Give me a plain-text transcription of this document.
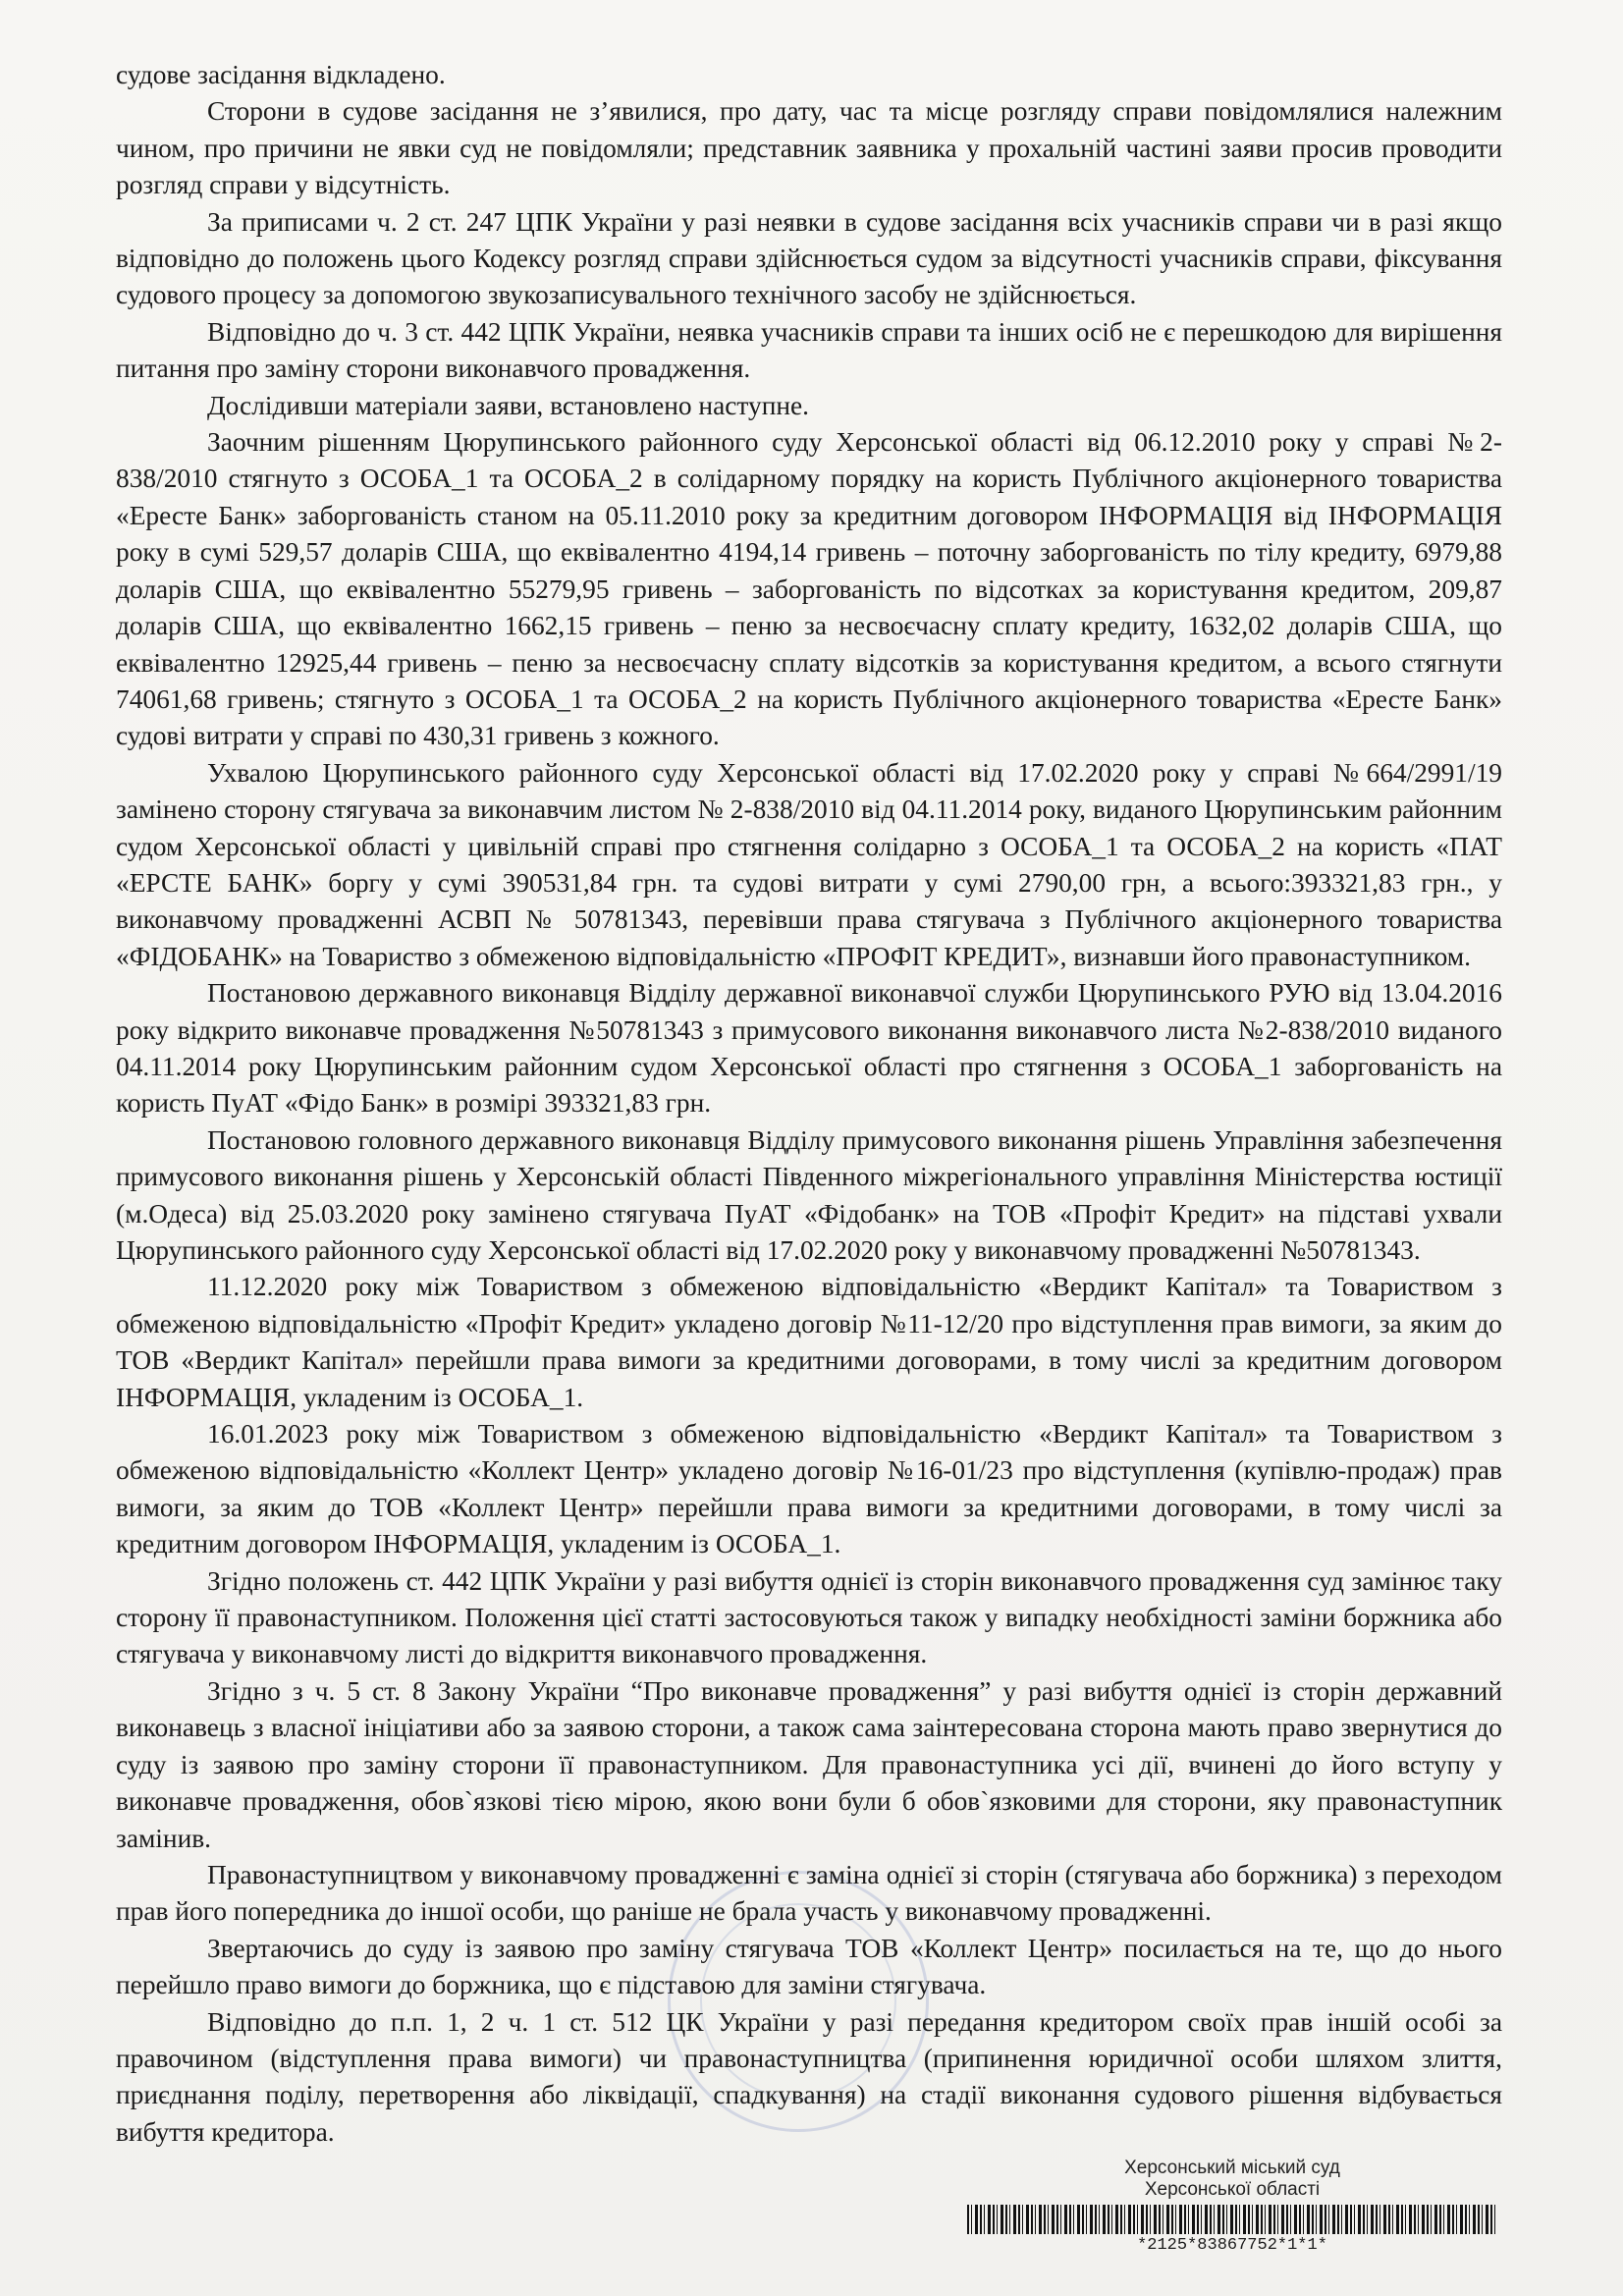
судове засідання відкладено.

Сторони в судове засідання не з’явилися, про дату, час та місце розгляду справи повідомлялися належним чином, про причини не явки суд не повідомляли; представник заявника у прохальній частині заяви просив проводити розгляд справи у відсутність.

За приписами ч. 2 ст. 247 ЦПК України у разі неявки в судове засідання всіх учасників справи чи в разі якщо відповідно до положень цього Кодексу розгляд справи здійснюється судом за відсутності учасників справи, фіксування судового процесу за допомогою звукозаписувального технічного засобу не здійснюється.

Відповідно до ч. 3 ст. 442 ЦПК України, неявка учасників справи та інших осіб не є перешкодою для вирішення питання про заміну сторони виконавчого провадження.

Дослідивши матеріали заяви, встановлено наступне.

Заочним рішенням Цюрупинського районного суду Херсонської області від 06.12.2010 року у справі №2-838/2010 стягнуто з ОСОБА_1 та ОСОБА_2 в солідарному порядку на користь Публічного акціонерного товариства «Ересте Банк» заборгованість станом на 05.11.2010 року за кредитним договором ІНФОРМАЦІЯ від ІНФОРМАЦІЯ року в сумі 529,57 доларів США, що еквівалентно 4194,14 гривень – поточну заборгованість по тілу кредиту, 6979,88 доларів США, що еквівалентно 55279,95 гривень – заборгованість по відсотках за користування кредитом, 209,87 доларів США, що еквівалентно 1662,15 гривень – пеню за несвоєчасну сплату кредиту, 1632,02 доларів США, що еквівалентно 12925,44 гривень – пеню за несвоєчасну сплату відсотків за користування кредитом, а всього стягнути 74061,68 гривень; стягнуто з ОСОБА_1 та ОСОБА_2 на користь Публічного акціонерного товариства «Ересте Банк» судові витрати у справі по 430,31 гривень з кожного.

Ухвалою Цюрупинського районного суду Херсонської області від 17.02.2020 року у справі №664/2991/19 замінено сторону стягувача за виконавчим листом № 2-838/2010 від 04.11.2014 року, виданого Цюрупинським районним судом Херсонської області у цивільній справі про стягнення солідарно з ОСОБА_1 та ОСОБА_2 на користь «ПАТ «ЕРСТЕ БАНК» боргу у сумі 390531,84 грн. та судові витрати у сумі 2790,00 грн, а всього:393321,83 грн., у виконавчому провадженні АСВП № 50781343, перевівши права стягувача з Публічного акціонерного товариства «ФІДОБАНК» на Товариство з обмеженою відповідальністю «ПРОФІТ КРЕДИТ», визнавши його правонаступником.

Постановою державного виконавця Відділу державної виконавчої служби Цюрупинського РУЮ від 13.04.2016 року відкрито виконавче провадження №50781343 з примусового виконання виконавчого листа №2-838/2010 виданого 04.11.2014 року Цюрупинським районним судом Херсонської області про стягнення з ОСОБА_1 заборгованість на користь ПуАТ «Фідо Банк» в розмірі 393321,83 грн.

Постановою головного державного виконавця Відділу примусового виконання рішень Управління забезпечення примусового виконання рішень у Херсонській області Південного міжрегіонального управління Міністерства юстиції (м.Одеса) від 25.03.2020 року замінено стягувача ПуАТ «Фідобанк» на ТОВ «Профіт Кредит» на підставі ухвали Цюрупинського районного суду Херсонської області від 17.02.2020 року у виконавчому провадженні №50781343.

11.12.2020 року між Товариством з обмеженою відповідальністю «Вердикт Капітал» та Товариством з обмеженою відповідальністю «Профіт Кредит» укладено договір №11-12/20 про відступлення прав вимоги, за яким до ТОВ «Вердикт Капітал» перейшли права вимоги за кредитними договорами, в тому числі за кредитним договором ІНФОРМАЦІЯ, укладеним із ОСОБА_1.

16.01.2023 року між Товариством з обмеженою відповідальністю «Вердикт Капітал» та Товариством з обмеженою відповідальністю «Коллект Центр» укладено договір №16-01/23 про відступлення (купівлю-продаж) прав вимоги, за яким до ТОВ «Коллект Центр» перейшли права вимоги за кредитними договорами, в тому числі за кредитним договором ІНФОРМАЦІЯ, укладеним із ОСОБА_1.

Згідно положень ст. 442 ЦПК України у разі вибуття однієї із сторін виконавчого провадження суд замінює таку сторону її правонаступником. Положення цієї статті застосовуються також у випадку необхідності заміни боржника або стягувача у виконавчому листі до відкриття виконавчого провадження.

Згідно з ч. 5 ст. 8 Закону України “Про виконавче провадження” у разі вибуття однієї із сторін державний виконавець з власної ініціативи або за заявою сторони, а також сама заінтересована сторона мають право звернутися до суду із заявою про заміну сторони її правонаступником. Для правонаступника усі дії, вчинені до його вступу у виконавче провадження, обов`язкові тією мірою, якою вони були б обов`язковими для сторони, яку правонаступник замінив.

Правонаступництвом у виконавчому провадженні є заміна однієї зі сторін (стягувача або боржника) з переходом прав його попередника до іншої особи, що раніше не брала участь у виконавчому провадженні.

Звертаючись до суду із заявою про заміну стягувача ТОВ «Коллект Центр» посилається на те, що до нього перейшло право вимоги до боржника, що є підставою для заміни стягувача.

Відповідно до п.п. 1, 2 ч. 1 ст. 512 ЦК України у разі передання кредитором своїх прав іншій особі за правочином (відступлення права вимоги) чи правонаступництва (припинення юридичної особи шляхом злиття, приєднання поділу, перетворення або ліквідації, спадкування) на стадії виконання судового рішення відбувається вибуття кредитора.

Херсонський міський суд
Херсонської області
*2125*83867752*1*1*
